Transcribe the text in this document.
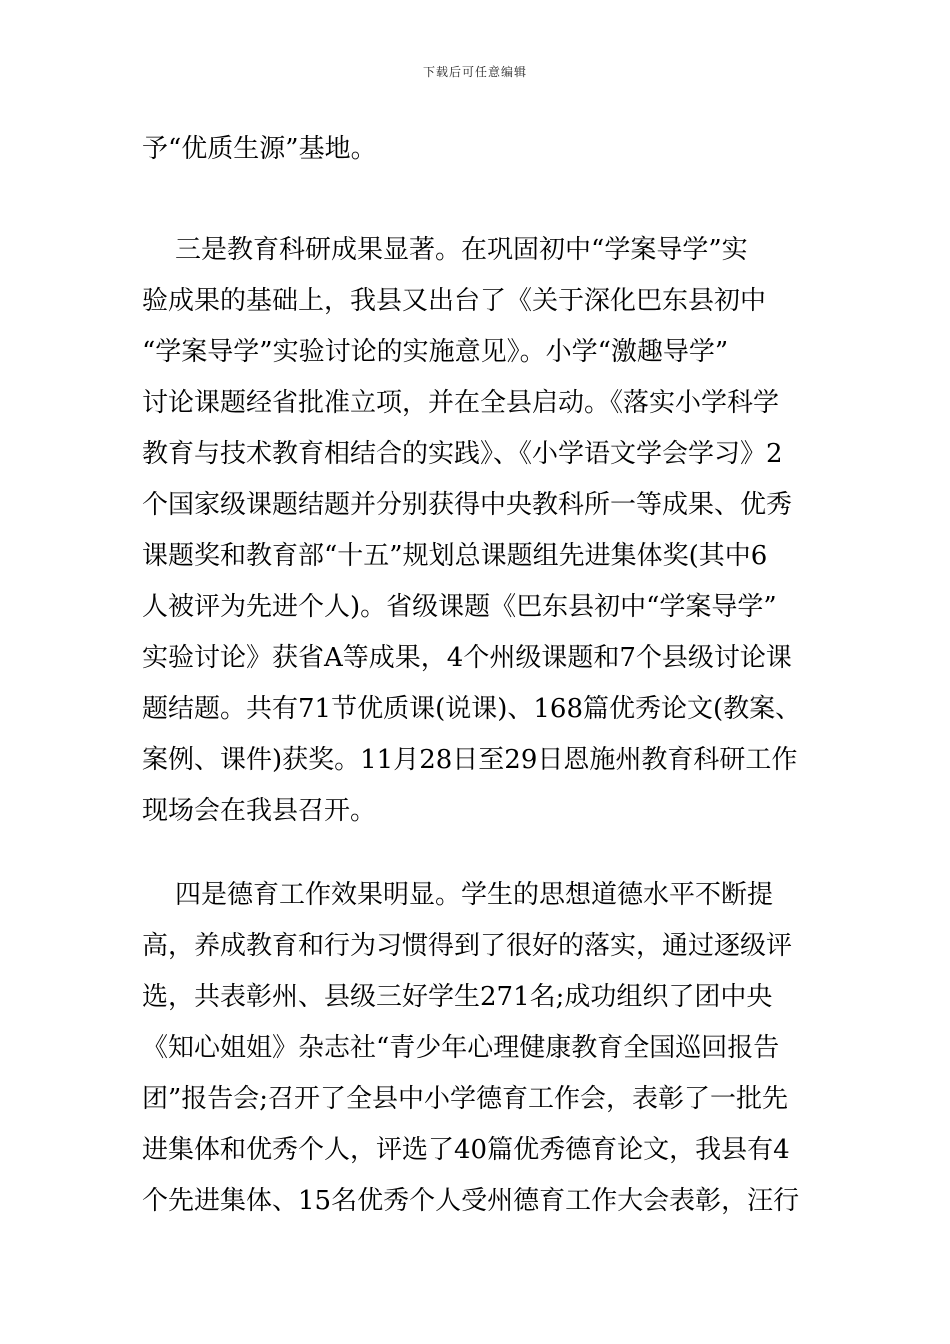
下载后可任意编辑
予“优质生源”基地。
三是教育科研成果显著。在巩固初中“学案导学”实
验成果的基础上，我县又出台了《关于深化巴东县初中
“学案导学”实验讨论的实施意见》。小学“激趣导学”
讨论课题经省批准立项，并在全县启动。《落实小学科学
教育与技术教育相结合的实践》、《小学语文学会学习》2
个国家级课题结题并分别获得中央教科所一等成果、优秀
课题奖和教育部“十五”规划总课题组先进集体奖(其中6
人被评为先进个人)。省级课题《巴东县初中“学案导学”
实验讨论》获省A等成果，4个州级课题和7个县级讨论课
题结题。共有71节优质课(说课)、168篇优秀论文(教案、
案例、课件)获奖。11月28日至29日恩施州教育科研工作
现场会在我县召开。
四是德育工作效果明显。学生的思想道德水平不断提
高，养成教育和行为习惯得到了很好的落实，通过逐级评
选，共表彰州、县级三好学生271名;成功组织了团中央
《知心姐姐》杂志社“青少年心理健康教育全国巡回报告
团”报告会;召开了全县中小学德育工作会，表彰了一批先
进集体和优秀个人，评选了40篇优秀德育论文，我县有4
个先进集体、15名优秀个人受州德育工作大会表彰，汪行
